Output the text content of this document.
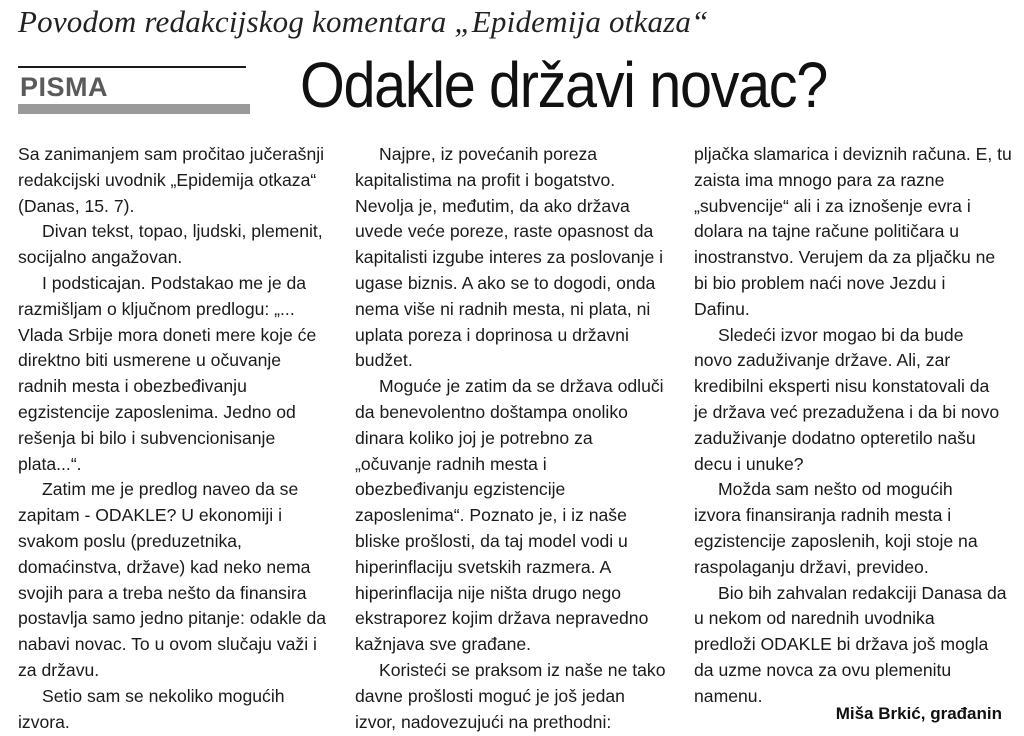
Povodom redakcijskog komentara „Epidemija otkaza“
PISMA	Odakle državi novac?
Sa zanimanjem sam pročitao jučerašnji
redakcijski uvodnik „Epidemija otkaza“
(Danas, 15. 7).
Divan tekst, topao, ljudski, plemenit,
socijalno angažovan.
I podsticajan. Podstakao me je da
razmišljam o ključnom predlogu: „...
Vlada Srbije mora doneti mere koje će
direktno biti usmerene u očuvanje
radnih mesta i obezbeđivanju
egzistencije zaposlenima. Jedno od
rešenja bi bilo i subvencionisanje
plata...“.
Zatim me je predlog naveo da se
zapitam - ODAKLE? U ekonomiji i
svakom poslu (preduzetnika,
domaćinstva, države) kad neko nema
svojih para a treba nešto da finansira
postavlja samo jedno pitanje: odakle da
nabavi novac. To u ovom slučaju važi i
za državu.
Setio sam se nekoliko mogućih
izvora.
Najpre, iz povećanih poreza
kapitalistima na profit i bogatstvo.
Nevolja je, međutim, da ako država
uvede veće poreze, raste opasnost da
kapitalisti izgube interes za poslovanje i
ugase biznis. A ako se to dogodi, onda
nema više ni radnih mesta, ni plata, ni
uplata poreza i doprinosa u državni
budžet.
Moguće je zatim da se država odluči
da benevolentno doštampa onoliko
dinara koliko joj je potrebno za
„očuvanje radnih mesta i
obezbeđivanju egzistencije
zaposlenima“. Poznato je, i iz naše
bliske prošlosti, da taj model vodi u
hiperinflaciju svetskih razmera. A
hiperinflacija nije ništa drugo nego
ekstraporez kojim država nepravedno
kažnjava sve građane.
Koristeći se praksom iz naše ne tako
davne prošlosti moguć je još jedan
izvor, nadovezujući na prethodni:
pljačka slamarica i deviznih računa. E, tu
zaista ima mnogo para za razne
„subvencije“ ali i za iznošenje evra i
dolara na tajne račune političara u
inostranstvo. Verujem da za pljačku ne
bi bio problem naći nove Jezdu i
Dafinu.
Sledeći izvor mogao bi da bude
novo zaduživanje države. Ali, zar
kredibilni eksperti nisu konstatovali da
je država već prezadužena i da bi novo
zaduživanje dodatno opteretilo našu
decu i unuke?
Možda sam nešto od mogućih
izvora finansiranja radnih mesta i
egzistencije zaposlenih, koji stoje na
raspolaganju državi, prevideo.
Bio bih zahvalan redakciji Danasa da
u nekom od narednih uvodnika
predloži ODAKLE bi država još mogla
da uzme novca za ovu plemenitu
namenu.
Miša Brkić, građanin
